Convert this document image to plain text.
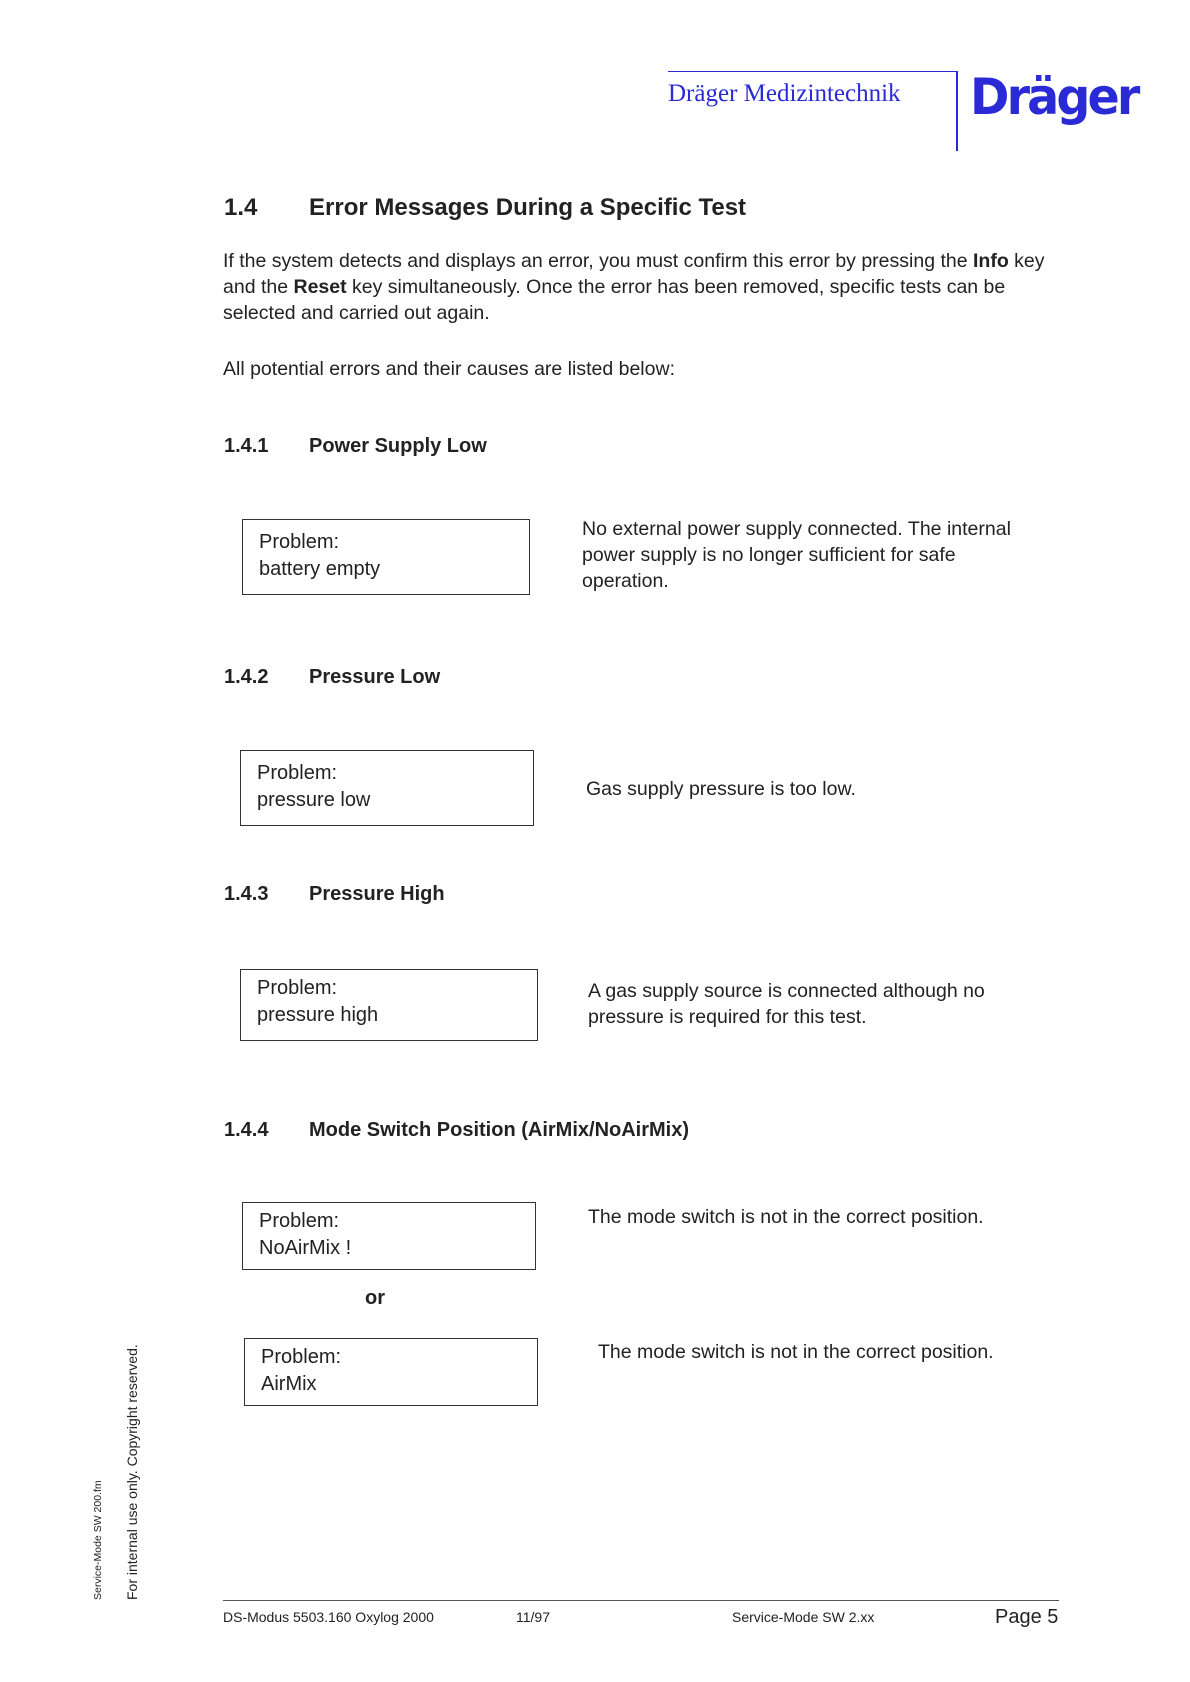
Dräger Medizintechnik Dräger
1.4 Error Messages During a Specific Test
If the system detects and displays an error, you must confirm this error by pressing the Info key and the Reset key simultaneously. Once the error has been removed, specific tests can be selected and carried out again.
All potential errors and their causes are listed below:
1.4.1 Power Supply Low
Problem:
battery empty
No external power supply connected. The internal power supply is no longer sufficient for safe operation.
1.4.2 Pressure Low
Problem:
pressure low	Gas supply pressure is too low.
1.4.3 Pressure High
Problem:
pressure high
A gas supply source is connected although no pressure is required for this test.
1.4.4 Mode Switch Position (AirMix/NoAirMix)
Problem:
NoAirMix !
The mode switch is not in the correct position.
or
Problem:
AirMix
The mode switch is not in the correct position.
For internal use only. Copyright reserved.
Service-Mode SW 200.fm
DS-Modus 5503.160 Oxylog 2000	11/97	Service-Mode SW 2.xx	Page 5
